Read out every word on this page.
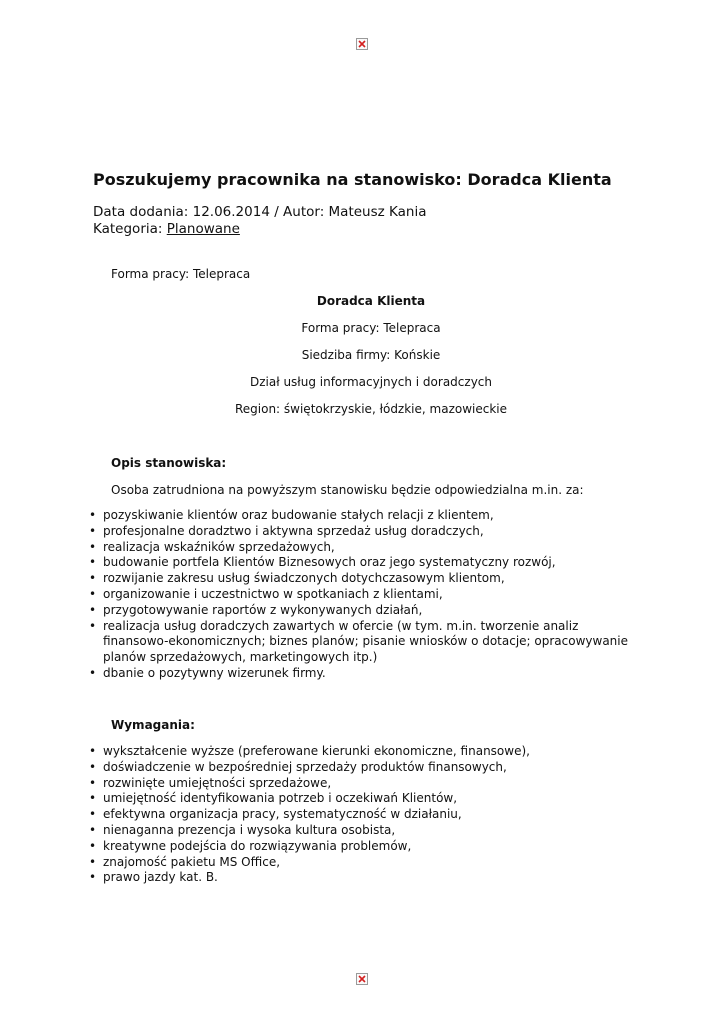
Poszukujemy pracownika na stanowisko: Doradca Klienta
Data dodania: 12.06.2014 / Autor: Mateusz Kania
Kategoria: Planowane
Forma pracy: Telepraca
Doradca Klienta
Forma pracy: Telepraca
Siedziba firmy: Końskie
Dział usług informacyjnych i doradczych
Region: świętokrzyskie, łódzkie, mazowieckie
Opis stanowiska:
Osoba zatrudniona na powyższym stanowisku będzie odpowiedzialna m.in. za:
• pozyskiwanie klientów oraz budowanie stałych relacji z klientem,
• profesjonalne doradztwo i aktywna sprzedaż usług doradczych,
• realizacja wskaźników sprzedażowych,
• budowanie portfela Klientów Biznesowych oraz jego systematyczny rozwój,
• rozwijanie zakresu usług świadczonych dotychczasowym klientom,
• organizowanie i uczestnictwo w spotkaniach z klientami,
• przygotowywanie raportów z wykonywanych działań,
• realizacja usług doradczych zawartych w ofercie (w tym. m.in. tworzenie analiz finansowo-ekonomicznych; biznes planów; pisanie wniosków o dotacje; opracowywanie planów sprzedażowych, marketingowych itp.)
• dbanie o pozytywny wizerunek firmy.
Wymagania:
• wykształcenie wyższe (preferowane kierunki ekonomiczne, finansowe),
• doświadczenie w bezpośredniej sprzedaży produktów finansowych,
• rozwinięte umiejętności sprzedażowe,
• umiejętność identyfikowania potrzeb i oczekiwań Klientów,
• efektywna organizacja pracy, systematyczność w działaniu,
• nienaganna prezencja i wysoka kultura osobista,
• kreatywne podejścia do rozwiązywania problemów,
• znajomość pakietu MS Office,
• prawo jazdy kat. B.
